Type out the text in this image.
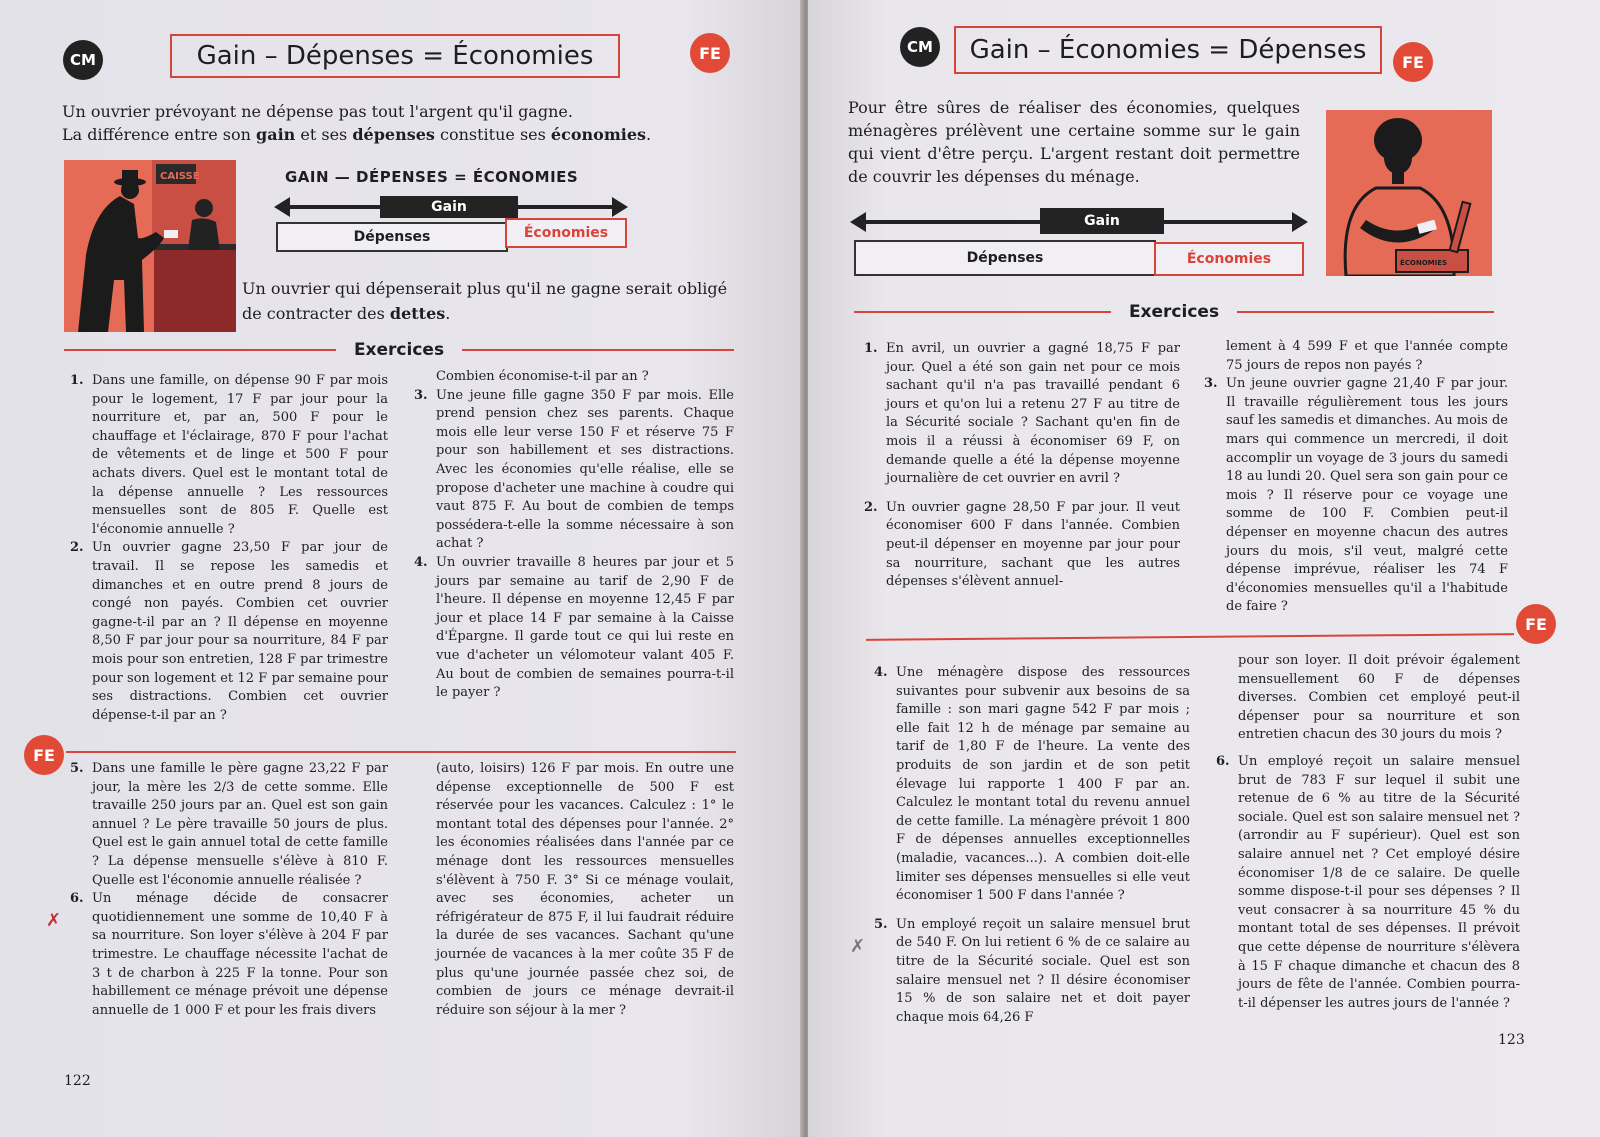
CM	Gain – Dépenses = Économies	FE
Un ouvrier prévoyant ne dépense pas tout l'argent qu'il gagne.
La différence entre son gain et ses dépenses constitue ses économies.
CAISSE	GAIN — DÉPENSES = ÉCONOMIES
Gain
Dépenses	Économies
Un ouvrier qui dépenserait plus qu'il ne gagne serait obligé de contracter des dettes.
Exercices
1. Dans une famille, on dépense 90 F par mois pour le logement, 17 F par jour pour la nourriture et, par an, 500 F pour le chauffage et l'éclairage, 870 F pour l'achat de vêtements et de linge et 500 F pour achats divers. Quel est le montant total de la dépense annuelle ? Les ressources mensuelles sont de 805 F. Quelle est l'économie annuelle ?
2. Un ouvrier gagne 23,50 F par jour de travail. Il se repose les samedis et dimanches et en outre prend 8 jours de congé non payés. Combien cet ouvrier gagne-t-il par an ? Il dépense en moyenne 8,50 F par jour pour sa nourriture, 84 F par mois pour son entretien, 128 F par trimestre pour son logement et 12 F par semaine pour ses distractions. Combien cet ouvrier dépense-t-il par an ?
Combien économise-t-il par an ?
3. Une jeune fille gagne 350 F par mois. Elle prend pension chez ses parents. Chaque mois elle leur verse 150 F et réserve 75 F pour son habillement et ses distractions. Avec les économies qu'elle réalise, elle se propose d'acheter une machine à coudre qui vaut 875 F. Au bout de combien de temps possédera-t-elle la somme nécessaire à son achat ?
4. Un ouvrier travaille 8 heures par jour et 5 jours par semaine au tarif de 2,90 F de l'heure. Il dépense en moyenne 12,45 F par jour et place 14 F par semaine à la Caisse d'Épargne. Il garde tout ce qui lui reste en vue d'acheter un vélomoteur valant 405 F. Au bout de combien de semaines pourra-t-il le payer ?
FE
5. Dans une famille le père gagne 23,22 F par jour, la mère les 2/3 de cette somme. Elle travaille 250 jours par an. Quel est son gain annuel ? Le père travaille 50 jours de plus. Quel est le gain annuel total de cette famille ? La dépense mensuelle s'élève à 810 F. Quelle est l'économie annuelle réalisée ?
6. Un ménage décide de consacrer quotidiennement une somme de 10,40 F à sa nourriture. Son loyer s'élève à 204 F par trimestre. Le chauffage nécessite l'achat de 3 t de charbon à 225 F la tonne. Pour son habillement ce ménage prévoit une dépense annuelle de 1 000 F et pour les frais divers
✗
(auto, loisirs) 126 F par mois. En outre une dépense exceptionnelle de 500 F est réservée pour les vacances. Calculez : 1° le montant total des dépenses pour l'année. 2° les économies réalisées dans l'année par ce ménage dont les ressources mensuelles s'élèvent à 750 F. 3° Si ce ménage voulait, avec ses économies, acheter un réfrigérateur de 875 F, il lui faudrait réduire la durée de ses vacances. Sachant qu'une journée de vacances à la mer coûte 35 F de plus qu'une journée passée chez soi, de combien de jours ce ménage devrait-il réduire son séjour à la mer ?
122
CM	Gain – Économies = Dépenses	FE
Pour être sûres de réaliser des économies, quelques ménagères prélèvent une certaine somme sur le gain qui vient d'être perçu. L'argent restant doit permettre de couvrir les dépenses du ménage.
ÉCONOMIES
Gain
Dépenses	Économies
Exercices
1. En avril, un ouvrier a gagné 18,75 F par jour. Quel a été son gain net pour ce mois sachant qu'il n'a pas travaillé pendant 6 jours et qu'on lui a retenu 27 F au titre de la Sécurité sociale ? Sachant qu'en fin de mois il a réussi à économiser 69 F, on demande quelle a été la dépense moyenne journalière de cet ouvrier en avril ?
2. Un ouvrier gagne 28,50 F par jour. Il veut économiser 600 F dans l'année. Combien peut-il dépenser en moyenne par jour pour sa nourriture, sachant que les autres dépenses s'élèvent annuel-
lement à 4 599 F et que l'année compte 75 jours de repos non payés ?
3. Un jeune ouvrier gagne 21,40 F par jour. Il travaille régulièrement tous les jours sauf les samedis et dimanches. Au mois de mars qui commence un mercredi, il doit accomplir un voyage de 3 jours du samedi 18 au lundi 20. Quel sera son gain pour ce mois ? Il réserve pour ce voyage une somme de 100 F. Combien peut-il dépenser en moyenne chacun des autres jours du mois, s'il veut, malgré cette dépense imprévue, réaliser les 74 F d'économies mensuelles qu'il a l'habitude de faire ?
FE
4. Une ménagère dispose des ressources suivantes pour subvenir aux besoins de sa famille : son mari gagne 542 F par mois ; elle fait 12 h de ménage par semaine au tarif de 1,80 F de l'heure. La vente des produits de son jardin et de son petit élevage lui rapporte 1 400 F par an. Calculez le montant total du revenu annuel de cette famille. La ménagère prévoit 1 800 F de dépenses annuelles exceptionnelles (maladie, vacances...). A combien doit-elle limiter ses dépenses mensuelles si elle veut économiser 1 500 F dans l'année ?
5. Un employé reçoit un salaire mensuel brut de 540 F. On lui retient 6 % de ce salaire au titre de la Sécurité sociale. Quel est son salaire mensuel net ? Il désire économiser 15 % de son salaire net et doit payer chaque mois 64,26 F
✗
pour son loyer. Il doit prévoir également mensuellement 60 F de dépenses diverses. Combien cet employé peut-il dépenser pour sa nourriture et son entretien chacun des 30 jours du mois ?
6. Un employé reçoit un salaire mensuel brut de 783 F sur lequel il subit une retenue de 6 % au titre de la Sécurité sociale. Quel est son salaire mensuel net ? (arrondir au F supérieur). Quel est son salaire annuel net ? Cet employé désire économiser 1/8 de ce salaire. De quelle somme dispose-t-il pour ses dépenses ? Il veut consacrer à sa nourriture 45 % du montant total de ses dépenses. Il prévoit que cette dépense de nourriture s'élèvera à 15 F chaque dimanche et chacun des 8 jours de fête de l'année. Combien pourra-t-il dépenser les autres jours de l'année ?
123
